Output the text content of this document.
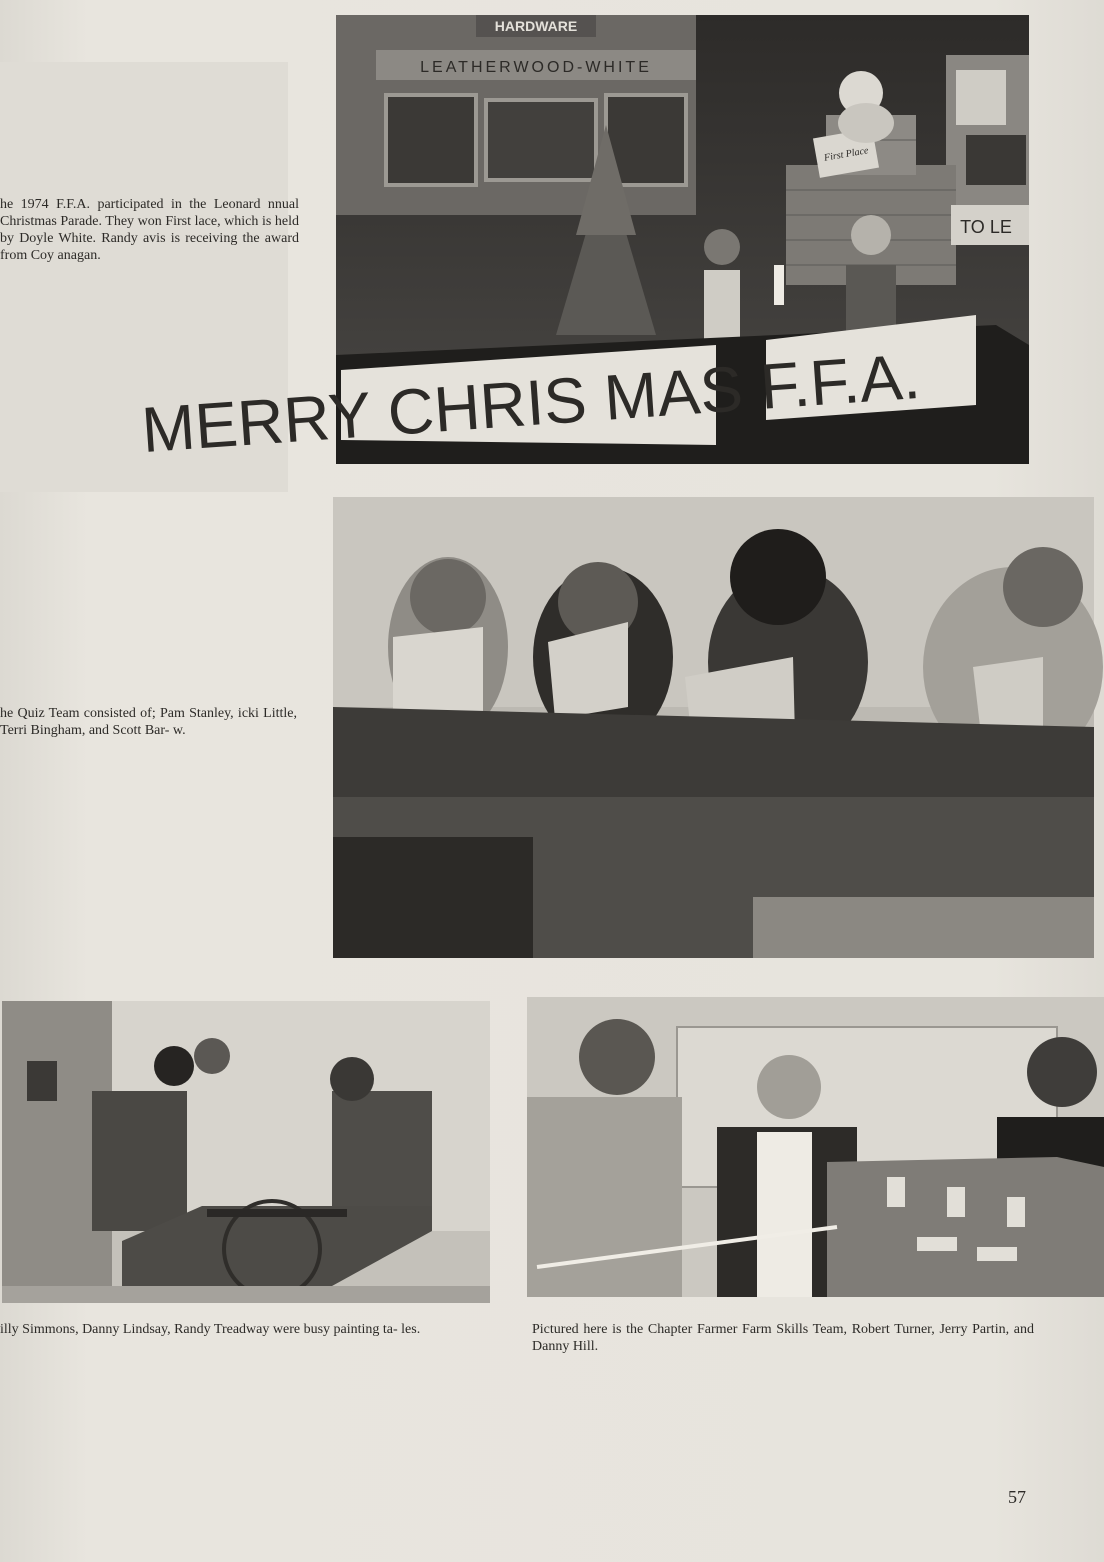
HARDWARE
LEATHERWOOD-WHITE
First Place
TO LE
MERRY CHRIS MAS F.F.A.

he 1974 F.F.A. participated in the Leonard nnual Christmas Parade. They won First lace, which is held by Doyle White. Randy avis is receiving the award from Coy anagan.

he Quiz Team consisted of; Pam Stanley, icki Little, Terri Bingham, and Scott Bar- w.

illy Simmons, Danny Lindsay, Randy Treadway were busy painting ta- les.	Pictured here is the Chapter Farmer Farm Skills Team, Robert Turner, Jerry Partin, and Danny Hill.

57
